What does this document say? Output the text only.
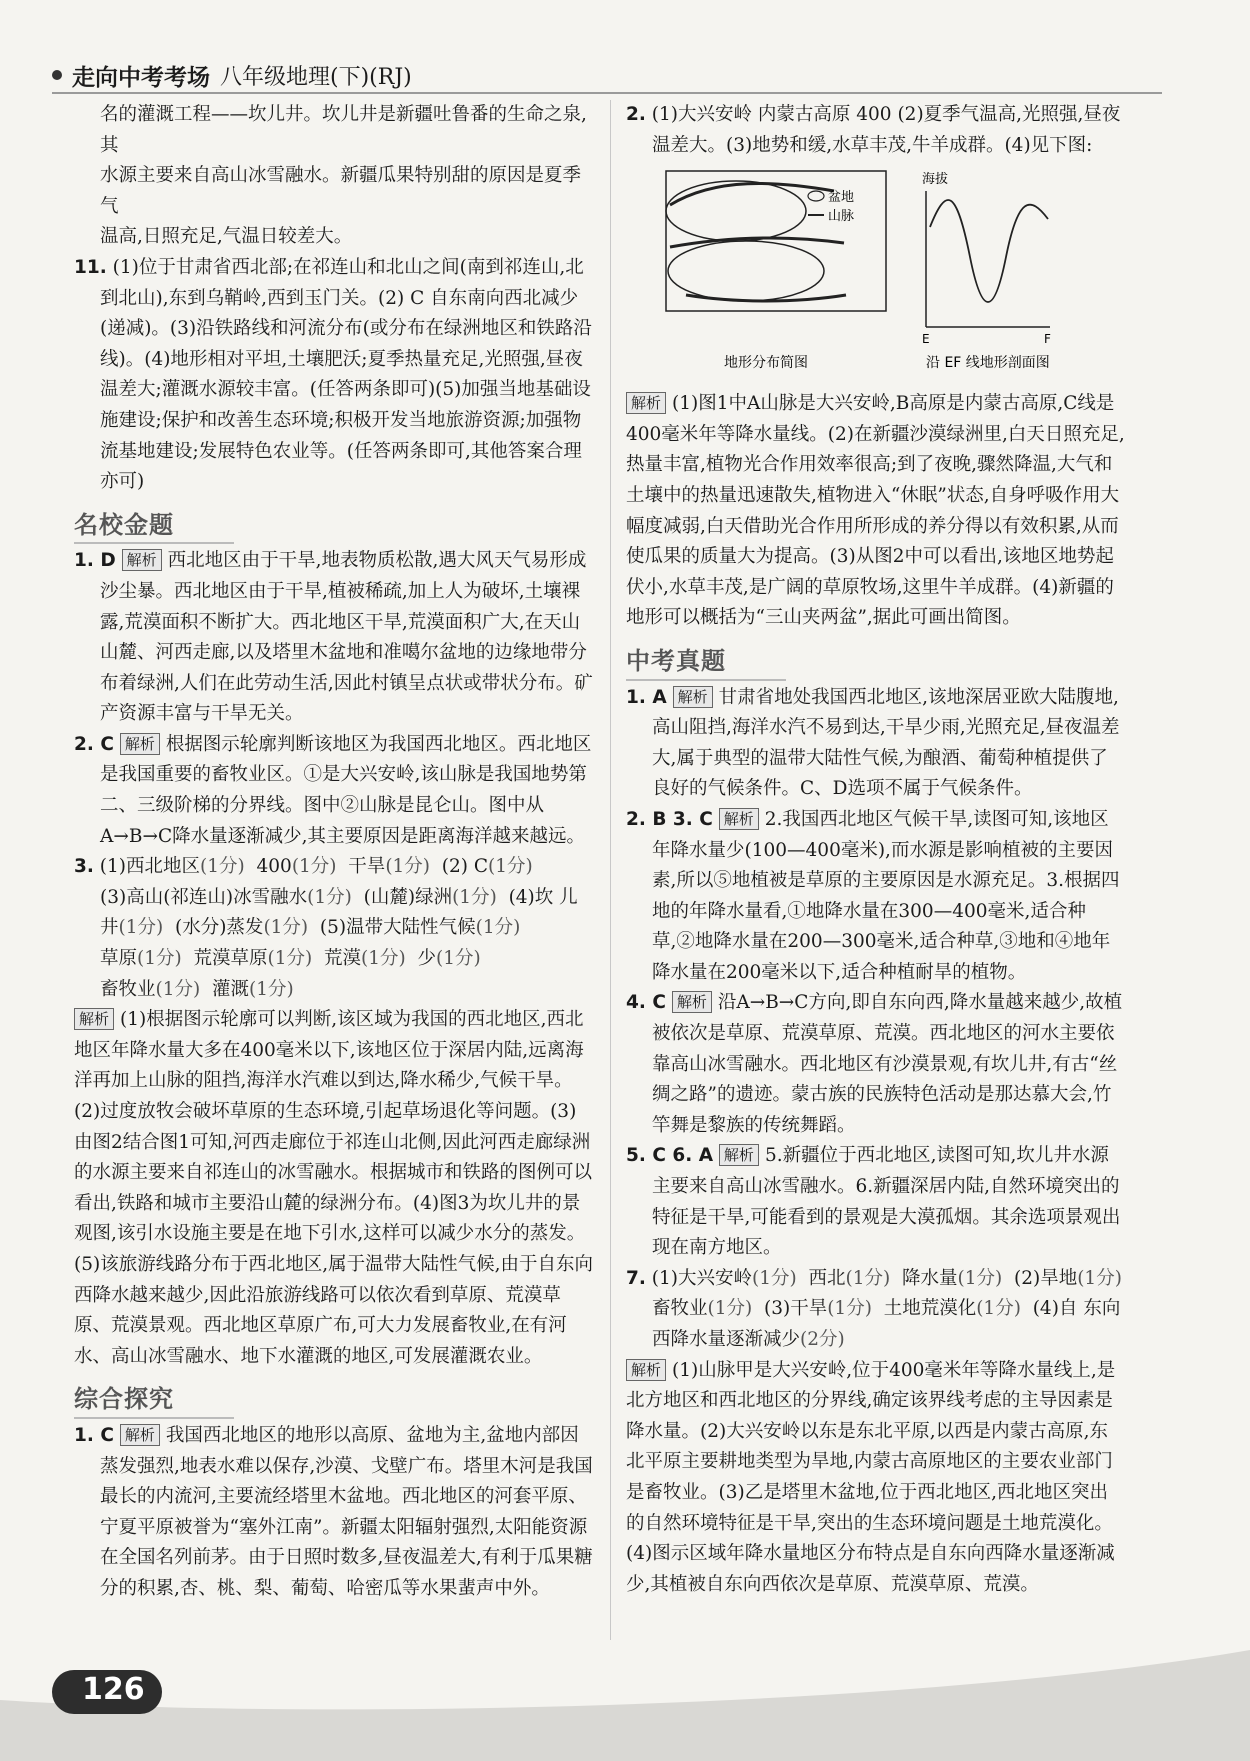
走向中考考场 八年级地理(下)(RJ)

名的灌溉工程——坎儿井。坎儿井是新疆吐鲁番的生命之泉,其

水源主要来自高山冰雪融水。新疆瓜果特别甜的原因是夏季气

温高,日照充足,气温日较差大。

11. (1)位于甘肃省西北部;在祁连山和北山之间(南到祁连山,北到北山),东到乌鞘岭,西到玉门关。(2) C 自东南向西北减少(递减)。(3)沿铁路线和河流分布(或分布在绿洲地区和铁路沿线)。(4)地形相对平坦,土壤肥沃;夏季热量充足,光照强,昼夜温差大;灌溉水源较丰富。(任答两条即可)(5)加强当地基础设施建设;保护和改善生态环境;积极开发当地旅游资源;加强物流基地建设;发展特色农业等。(任答两条即可,其他答案合理亦可)

名校金题

1. D 解析 西北地区由于干旱,地表物质松散,遇大风天气易形成沙尘暴。西北地区由于干旱,植被稀疏,加上人为破坏,土壤裸露,荒漠面积不断扩大。西北地区干旱,荒漠面积广大,在天山山麓、河西走廊,以及塔里木盆地和准噶尔盆地的边缘地带分布着绿洲,人们在此劳动生活,因此村镇呈点状或带状分布。矿产资源丰富与干旱无关。

2. C 解析 根据图示轮廓判断该地区为我国西北地区。西北地区是我国重要的畜牧业区。①是大兴安岭,该山脉是我国地势第二、三级阶梯的分界线。图中②山脉是昆仑山。图中从A→B→C降水量逐渐减少,其主要原因是距离海洋越来越远。

3. (1)西北地区(1分) 400(1分) 干旱(1分) (2) C(1分)

(3)高山(祁连山)冰雪融水(1分) (山麓)绿洲(1分) (4)坎 儿井(1分) (水分)蒸发(1分) (5)温带大陆性气候(1分)

草原(1分) 荒漠草原(1分) 荒漠(1分) 少(1分)

畜牧业(1分) 灌溉(1分)

解析 (1)根据图示轮廓可以判断,该区域为我国的西北地区,西北地区年降水量大多在400毫米以下,该地区位于深居内陆,远离海洋再加上山脉的阻挡,海洋水汽难以到达,降水稀少,气候干旱。(2)过度放牧会破坏草原的生态环境,引起草场退化等问题。(3)由图2结合图1可知,河西走廊位于祁连山北侧,因此河西走廊绿洲的水源主要来自祁连山的冰雪融水。根据城市和铁路的图例可以看出,铁路和城市主要沿山麓的绿洲分布。(4)图3为坎儿井的景观图,该引水设施主要是在地下引水,这样可以减少水分的蒸发。(5)该旅游线路分布于西北地区,属于温带大陆性气候,由于自东向西降水越来越少,因此沿旅游线路可以依次看到草原、荒漠草原、荒漠景观。西北地区草原广布,可大力发展畜牧业,在有河水、高山冰雪融水、地下水灌溉的地区,可发展灌溉农业。

综合探究

1. C 解析 我国西北地区的地形以高原、盆地为主,盆地内部因蒸发强烈,地表水难以保存,沙漠、戈壁广布。塔里木河是我国最长的内流河,主要流经塔里木盆地。西北地区的河套平原、宁夏平原被誉为“塞外江南”。新疆太阳辐射强烈,太阳能资源在全国名列前茅。由于日照时数多,昼夜温差大,有利于瓜果糖分的积累,杏、桃、梨、葡萄、哈密瓜等水果蜚声中外。

2. (1)大兴安岭 内蒙古高原 400 (2)夏季气温高,光照强,昼夜温差大。(3)地势和缓,水草丰茂,牛羊成群。(4)见下图:

盆地
山脉
地形分布简图
海拔
E	F
沿 EF 线地形剖面图

解析 (1)图1中A山脉是大兴安岭,B高原是内蒙古高原,C线是400毫米年等降水量线。(2)在新疆沙漠绿洲里,白天日照充足,热量丰富,植物光合作用效率很高;到了夜晚,骤然降温,大气和土壤中的热量迅速散失,植物进入“休眠”状态,自身呼吸作用大幅度减弱,白天借助光合作用所形成的养分得以有效积累,从而使瓜果的质量大为提高。(3)从图2中可以看出,该地区地势起伏小,水草丰茂,是广阔的草原牧场,这里牛羊成群。(4)新疆的地形可以概括为“三山夹两盆”,据此可画出简图。

中考真题

1. A 解析 甘肃省地处我国西北地区,该地深居亚欧大陆腹地,高山阻挡,海洋水汽不易到达,干旱少雨,光照充足,昼夜温差大,属于典型的温带大陆性气候,为酿酒、葡萄种植提供了良好的气候条件。C、D选项不属于气候条件。

2. B 3. C 解析 2.我国西北地区气候干旱,读图可知,该地区年降水量少(100—400毫米),而水源是影响植被的主要因素,所以⑤地植被是草原的主要原因是水源充足。3.根据四地的年降水量看,①地降水量在300—400毫米,适合种草,②地降水量在200—300毫米,适合种草,③地和④地年降水量在200毫米以下,适合种植耐旱的植物。

4. C 解析 沿A→B→C方向,即自东向西,降水量越来越少,故植被依次是草原、荒漠草原、荒漠。西北地区的河水主要依靠高山冰雪融水。西北地区有沙漠景观,有坎儿井,有古“丝绸之路”的遗迹。蒙古族的民族特色活动是那达慕大会,竹竿舞是黎族的传统舞蹈。

5. C 6. A 解析 5.新疆位于西北地区,读图可知,坎儿井水源主要来自高山冰雪融水。6.新疆深居内陆,自然环境突出的特征是干旱,可能看到的景观是大漠孤烟。其余选项景观出现在南方地区。

7. (1)大兴安岭(1分) 西北(1分) 降水量(1分) (2)旱地(1分)

畜牧业(1分) (3)干旱(1分) 土地荒漠化(1分) (4)自 东向西降水量逐渐减少(2分)

解析 (1)山脉甲是大兴安岭,位于400毫米年等降水量线上,是北方地区和西北地区的分界线,确定该界线考虑的主导因素是降水量。(2)大兴安岭以东是东北平原,以西是内蒙古高原,东北平原主要耕地类型为旱地,内蒙古高原地区的主要农业部门是畜牧业。(3)乙是塔里木盆地,位于西北地区,西北地区突出的自然环境特征是干旱,突出的生态环境问题是土地荒漠化。(4)图示区域年降水量地区分布特点是自东向西降水量逐渐减少,其植被自东向西依次是草原、荒漠草原、荒漠。

126
